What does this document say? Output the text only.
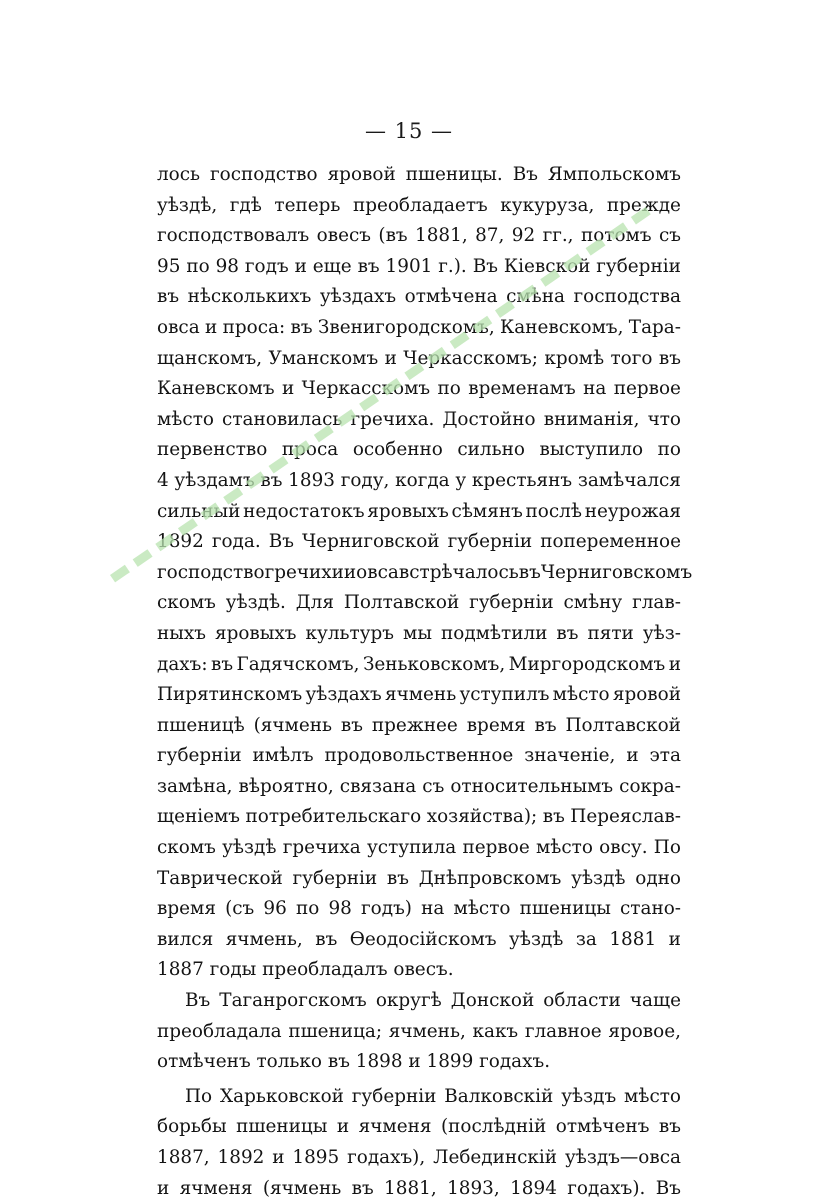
— 15 —
лось господство яровой пшеницы. Въ Ямпольскомъ
уѣздѣ, гдѣ теперь преобладаетъ кукуруза, прежде
господствовалъ овесъ (въ 1881, 87, 92 гг., потомъ съ
95 по 98 годъ и еще въ 1901 г.). Въ Кіевской губерніи
въ нѣсколькихъ уѣздахъ отмѣчена смѣна господства
овса и проса: въ Звенигородскомъ, Каневскомъ, Тара-
щанскомъ, Уманскомъ и Черкасскомъ; кромѣ того въ
Каневскомъ и Черкасскомъ по временамъ на первое
мѣсто становилась гречиха. Достойно вниманія, что
первенство проса особенно сильно выступило по
4 уѣздамъ въ 1893 году, когда у крестьянъ замѣчался
сильный недостатокъ яровыхъ сѣмянъ послѣ неурожая
1892 года. Въ Черниговской губерніи попеременное
господство гречихи и овса встрѣчалось въ Черниговскомъ
скомъ уѣздѣ. Для Полтавской губерніи смѣну глав-
ныхъ яровыхъ культуръ мы подмѣтили въ пяти уѣз-
дахъ: въ Гадячскомъ, Зеньковскомъ, Миргородскомъ и
Пирятинскомъ уѣздахъ ячмень уступилъ мѣсто яровой
пшеницѣ (ячмень въ прежнее время въ Полтавской
губерніи имѣлъ продовольственное значеніе, и эта
замѣна, вѣроятно, связана съ относительнымъ сокра-
щеніемъ потребительскаго хозяйства); въ Переяслав-
скомъ уѣздѣ гречиха уступила первое мѣсто овсу. По
Таврической губерніи въ Днѣпровскомъ уѣздѣ одно
время (съ 96 по 98 годъ) на мѣсто пшеницы стано-
вился ячмень, въ Ѳеодосійскомъ уѣздѣ за 1881 и
1887 годы преобладалъ овесъ.
Въ Таганрогскомъ округѣ Донской области чаще
преобладала пшеница; ячмень, какъ главное яровое,
отмѣченъ только въ 1898 и 1899 годахъ.
По Харьковской губерніи Валковскій уѣздъ мѣсто
борьбы пшеницы и ячменя (послѣдній отмѣченъ въ
1887, 1892 и 1895 годахъ), Лебединскій уѣздъ—овса
и ячменя (ячмень въ 1881, 1893, 1894 годахъ). Въ
